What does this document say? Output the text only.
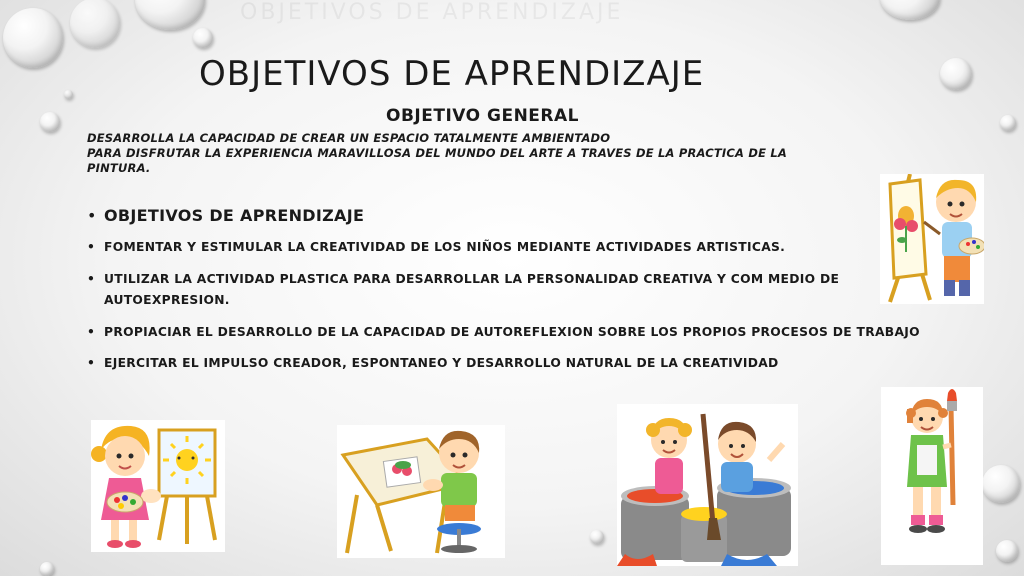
OBJETIVOS DE APRENDIZAJE
OBJETIVOS DE APRENDIZAJE
OBJETIVO GENERAL

DESARROLLA LA CAPACIDAD DE CREAR UN ESPACIO TATALMENTE AMBIENTADO
PARA DISFRUTAR LA EXPERIENCIA MARAVILLOSA DEL MUNDO DEL ARTE A TRAVES DE LA PRACTICA DE LA
PINTURA.

• OBJETIVOS DE APRENDIZAJE
• FOMENTAR Y ESTIMULAR LA CREATIVIDAD DE LOS NIÑOS MEDIANTE ACTIVIDADES ARTISTICAS.
• UTILIZAR LA ACTIVIDAD PLASTICA PARA DESARROLLAR LA PERSONALIDAD CREATIVA Y COM MEDIO DE AUTOEXPRESION.
• PROPIACIAR EL DESARROLLO DE LA CAPACIDAD DE AUTOREFLEXION SOBRE LOS PROPIOS PROCESOS DE TRABAJO
• EJERCITAR EL IMPULSO CREADOR, ESPONTANEO Y DESARROLLO NATURAL DE LA CREATIVIDAD
